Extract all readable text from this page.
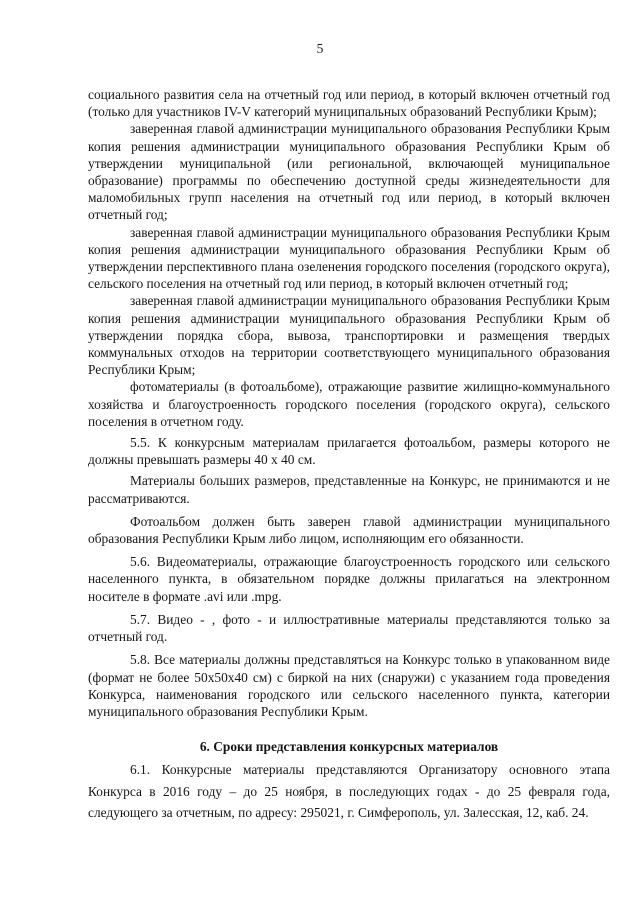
5

социального развития села на отчетный год или период, в который включен отчетный год (только для участников IV-V категорий муниципальных образований Республики Крым);

заверенная главой администрации муниципального образования Республики Крым копия решения администрации муниципального образования Республики Крым об утверждении муниципальной (или региональной, включающей муниципальное образование) программы по обеспечению доступной среды жизнедеятельности для маломобильных групп населения на отчетный год или период, в который включен отчетный год;

заверенная главой администрации муниципального образования Республики Крым копия решения администрации муниципального образования Республики Крым об утверждении перспективного плана озеленения городского поселения (городского округа), сельского поселения на отчетный год или период, в который включен отчетный год;

заверенная главой администрации муниципального образования Республики Крым копия решения администрации муниципального образования Республики Крым об утверждении порядка сбора, вывоза, транспортировки и размещения твердых коммунальных отходов на территории соответствующего муниципального образования Республики Крым;

фотоматериалы (в фотоальбоме), отражающие развитие жилищно-коммунального хозяйства и благоустроенность городского поселения (городского округа), сельского поселения в отчетном году.

5.5. К конкурсным материалам прилагается фотоальбом, размеры которого не должны превышать размеры 40 х 40 см.

Материалы больших размеров, представленные на Конкурс, не принимаются и не рассматриваются.

Фотоальбом должен быть заверен главой администрации муниципального образования Республики Крым либо лицом, исполняющим его обязанности.

5.6. Видеоматериалы, отражающие благоустроенность городского или сельского населенного пункта, в обязательном порядке должны прилагаться на электронном носителе в формате .avi или .mpg.

5.7. Видео - , фото - и иллюстративные материалы представляются только за отчетный год.

5.8. Все материалы должны представляться на Конкурс только в упакованном виде (формат не более 50х50х40 см) с биркой на них (снаружи) с указанием года проведения Конкурса, наименования городского или сельского населенного пункта, категории муниципального образования Республики Крым.

6. Сроки представления конкурсных материалов

6.1. Конкурсные материалы представляются Организатору основного этапа Конкурса в 2016 году – до 25 ноября, в последующих годах - до 25 февраля года, следующего за отчетным, по адресу: 295021, г. Симферополь, ул. Залесская, 12, каб. 24.
